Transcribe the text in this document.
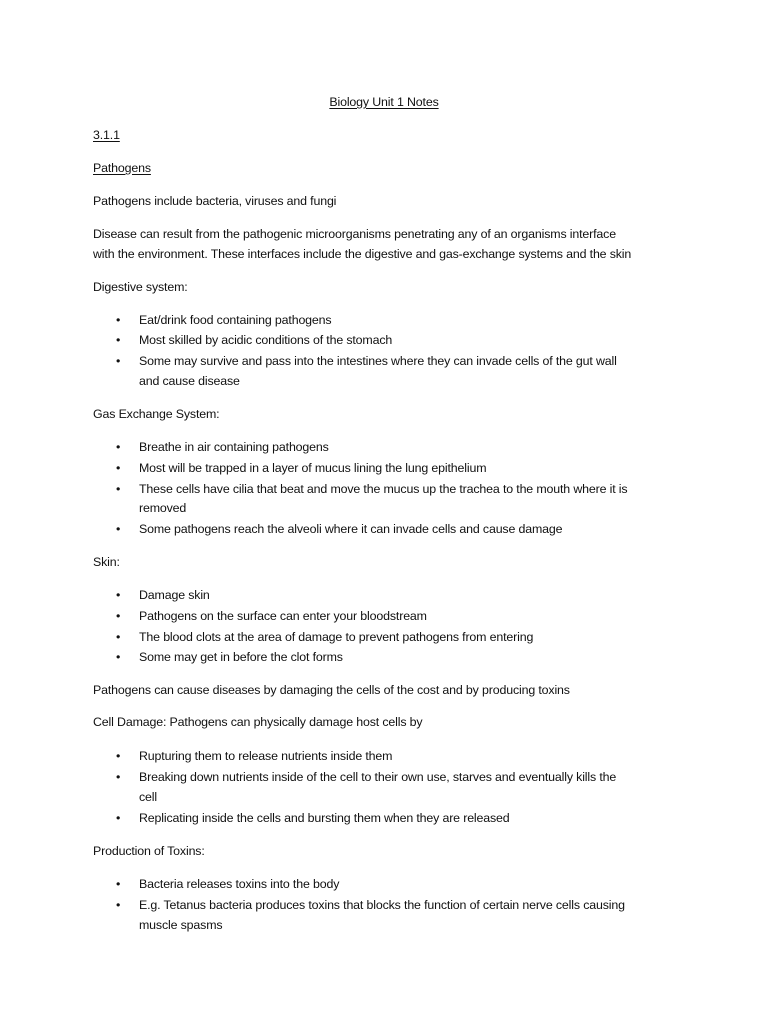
Biology Unit 1 Notes

3.1.1

Pathogens

Pathogens include bacteria, viruses and fungi

Disease can result from the pathogenic microorganisms penetrating any of an organisms interface

with the environment. These interfaces include the digestive and gas-exchange systems and the skin

Digestive system:

•	Eat/drink food containing pathogens
•	Most skilled by acidic conditions of the stomach
•	Some may survive and pass into the intestines where they can invade cells of the gut wall
and cause disease

Gas Exchange System:

•	Breathe in air containing pathogens
•	Most will be trapped in a layer of mucus lining the lung epithelium
•	These cells have cilia that beat and move the mucus up the trachea to the mouth where it is
removed
•	Some pathogens reach the alveoli where it can invade cells and cause damage

Skin:

•	Damage skin
•	Pathogens on the surface can enter your bloodstream
•	The blood clots at the area of damage to prevent pathogens from entering
•	Some may get in before the clot forms

Pathogens can cause diseases by damaging the cells of the cost and by producing toxins

Cell Damage: Pathogens can physically damage host cells by

•	Rupturing them to release nutrients inside them
•	Breaking down nutrients inside of the cell to their own use, starves and eventually kills the
cell
•	Replicating inside the cells and bursting them when they are released

Production of Toxins:

•	Bacteria releases toxins into the body
•	E.g. Tetanus bacteria produces toxins that blocks the function of certain nerve cells causing
muscle spasms
